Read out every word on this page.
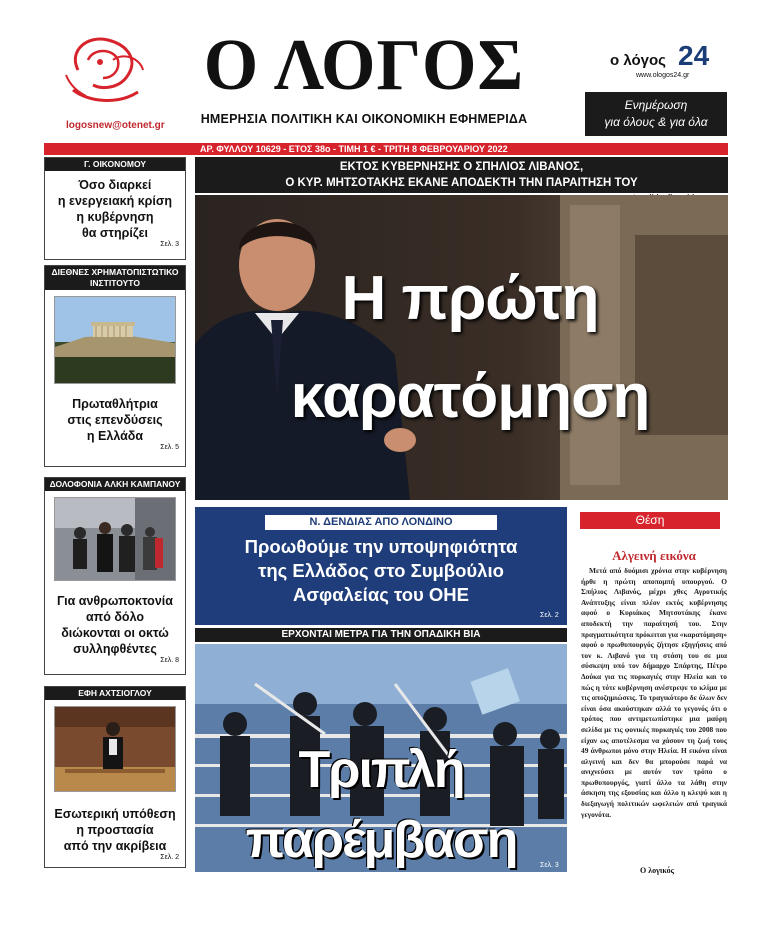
logosnew@otenet.gr
Ο ΛΟΓΟΣ
ΗΜΕΡΗΣΙΑ ΠΟΛΙΤΙΚΗ ΚΑΙ ΟΙΚΟΝΟΜΙΚΗ ΕΦΗΜΕΡΙΔΑ
ο λόγος 24
www.ologos24.gr
Ενημέρωση
για όλους & για όλα
ΑΡ. ΦΥΛΛΟΥ 10629 - ΕΤΟΣ 38ο - ΤΙΜΗ 1 € - ΤΡΙΤΗ 8 ΦΕΒΡΟΥΑΡΙΟΥ 2022
Γ. ΟΙΚΟΝΟΜΟΥ
Όσο διαρκεί
η ενεργειακή κρίση
η κυβέρνηση
θα στηρίζει
Σελ. 3
ΔΙΕΘΝΕΣ ΧΡΗΜΑΤΟΠΙΣΤΩΤΙΚΟ ΙΝΣΤΙΤΟΥΤΟ
Πρωταθλήτρια
στις επενδύσεις
η Ελλάδα
Σελ. 5
ΔΟΛΟΦΟΝΙΑ ΑΛΚΗ ΚΑΜΠΑΝΟΥ
Για ανθρωποκτονία
από δόλο
διώκονται οι οκτώ
συλληφθέντες
Σελ. 8
ΕΦΗ ΑΧΤΣΙΟΓΛΟΥ
Εσωτερική υπόθεση
η προστασία
από την ακρίβεια
Σελ. 2
ΕΚΤΟΣ ΚΥΒΕΡΝΗΣΗΣ Ο ΣΠΗΛΙΟΣ ΛΙΒΑΝΟΣ,
Ο ΚΥΡ. ΜΗΤΣΟΤΑΚΗΣ ΕΚΑΝΕ ΑΠΟΔΕΚΤΗ ΤΗΝ ΠΑΡΑΙΤΗΣΗ ΤΟΥ
Η πρώτη
καρατόμηση
Ν. ΔΕΝΔΙΑΣ ΑΠΟ ΛΟΝΔΙΝΟ
Προωθούμε την υποψηφιότητα
της Ελλάδος στο Συμβούλιο
Ασφαλείας του ΟΗΕ
Σελ. 2
ΕΡΧΟΝΤΑΙ ΜΕΤΡΑ ΓΙΑ ΤΗΝ ΟΠΑΔΙΚΗ ΒΙΑ
Τριπλή παρέμβαση	Σελ. 3
Θέση
Αλγεινή εικόνα
Μετά από δυόμισι χρόνια στην κυβέρνηση ήρθε η πρώτη αποπομπή υπουργού. Ο Σπήλιος Λιβανός, μέχρι χθες Αγροτικής Ανάπτυξης είναι πλέον εκτός κυβέρνησης αφού ο Κυριάκος Μητσοτάκης έκανε αποδεκτή την παραίτησή του. Στην πραγματικότητα πρόκειται για «καρατόμηση» αφού ο πρωθυπουργός ζήτησε εξηγήσεις από τον κ. Λιβανό για τη στάση του σε μια σύσκεψη υπό τον δήμαρχο Σπάρτης, Πέτρο Δούκα για τις πυρκαγιές στην Ηλεία και το πώς η τότε κυβέρνηση ανέστρεψε το κλίμα με τις αποζημιώσεις. Το τραγικότερο δε όλων δεν είναι όσα ακούστηκαν αλλά το γεγονός ότι ο τρόπος που αντιμετωπίστηκε μια μαύρη σελίδα με τις φονικές πυρκαγιές του 2008 που είχαν ως αποτέλεσμα να χάσουν τη ζωή τους 49 άνθρωποι μόνο στην Ηλεία. Η εικόνα είναι αλγεινή και δεν θα μπορούσε παρά να ανιχνεύσει με αυτόν τον τρόπο ο πρωθυπουργός, γιατί άλλο τα λάθη στην άσκηση της εξουσίας και άλλο η κλεψύ και η διεξαγωγή πολιτικών ωφελειών από τραγικά γεγονότα.
Ο λογικός
